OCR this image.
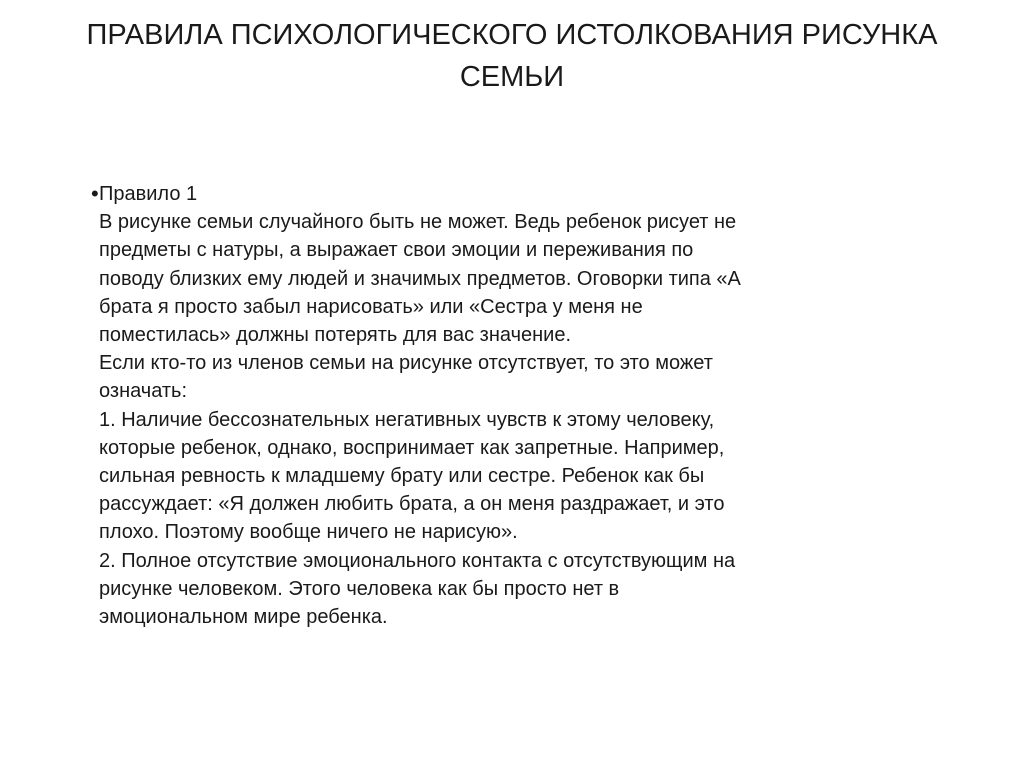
ПРАВИЛА ПСИХОЛОГИЧЕСКОГО ИСТОЛКОВАНИЯ РИСУНКА
СЕМЬИ
• Правило 1
В рисунке семьи случайного быть не может. Ведь ребенок рисует не
предметы с натуры, а выражает свои эмоции и переживания по
поводу близких ему людей и значимых предметов. Оговорки типа «А
брата я просто забыл нарисовать» или «Сестра у меня не
поместилась» должны потерять для вас значение.
Если кто-то из членов семьи на рисунке отсутствует, то это может
означать:
1. Наличие бессознательных негативных чувств к этому человеку,
которые ребенок, однако, воспринимает как запретные. Например,
сильная ревность к младшему брату или сестре. Ребенок как бы
рассуждает: «Я должен любить брата, а он меня раздражает, и это
плохо. Поэтому вообще ничего не нарисую».
2. Полное отсутствие эмоционального контакта с отсутствующим на
рисунке человеком. Этого человека как бы просто нет в
эмоциональном мире ребенка.
